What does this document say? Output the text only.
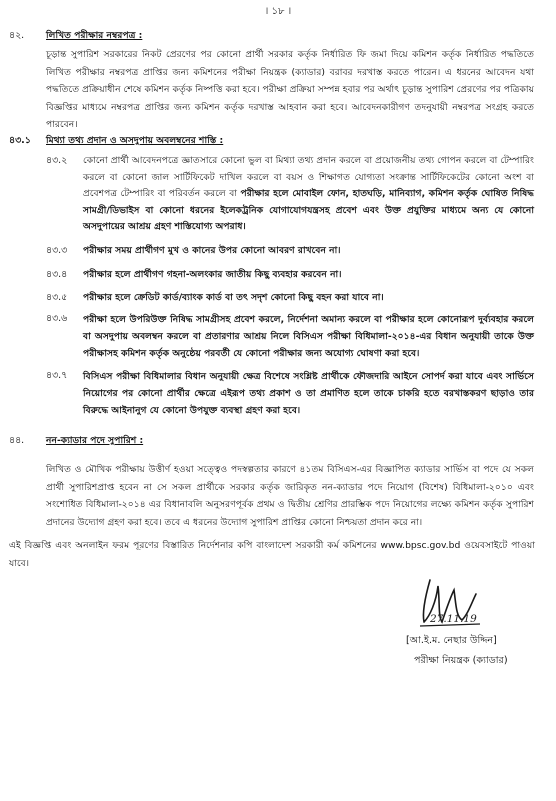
। ১৮ ।
৪২. লিখিত পরীক্ষার নম্বরপত্র :
চূড়ান্ত সুপারিশ সরকারের নিকট প্রেরণের পর কোনো প্রার্থী সরকার কর্তৃক নির্ধারিত ফি জমা দিয়ে কমিশন কর্তৃক নির্ধারিত পদ্ধতিতে লিখিত পরীক্ষার নম্বরপত্র প্রাপ্তির জন্য কমিশনের পরীক্ষা নিয়ন্ত্রক (ক্যাডার) বরাবর দরখাস্ত করতে পারেন। এ ধরনের আবেদন যথা পদ্ধতিতে প্রক্রিয়াধীন শেষে কমিশন কর্তৃক নিষ্পত্তি করা হবে। পরীক্ষা প্রক্রিয়া সম্পন্ন হবার পর অর্থাৎ চূড়ান্ত সুপারিশ প্রেরণের পর পত্রিকায় বিজ্ঞপ্তির মাধ্যমে নম্বরপত্র প্রাপ্তির জন্য কমিশন কর্তৃক দরখাস্ত আহবান করা হবে। আবেদনকারীগণ তদনুযায়ী নম্বরপত্র সংগ্রহ করতে পারবেন।
৪৩.১ মিথ্যা তথ্য প্রদান ও অসদুপায় অবলম্বনের শাস্তি :
৪৩.২ কোনো প্রার্থী আবেদনপত্রে জ্ঞাতসারে কোনো ভুল বা মিথ্যা তথ্য প্রদান করলে বা প্রয়োজনীয় তথ্য গোপন করলে বা টেম্পারিং করলে বা কোনো জাল সার্টিফিকেট দাখিল করলে বা বয়স ও শিক্ষাগত যোগ্যতা সংক্রান্ত সার্টিফিকেটের কোনো অংশ বা প্রবেশপত্র টেম্পারিং বা পরিবর্তন করলে বা পরীক্ষার হলে মোবাইল ফোন, হাতঘড়ি, মানিব্যাগ, কমিশন কর্তৃক ঘোষিত নিষিদ্ধ সামগ্রী/ডিভাইস বা কোনো ধরনের ইলেকট্রনিক যোগাযোগযন্ত্রসহ প্রবেশ এবং উক্ত প্রযুক্তির মাধ্যমে অন্য যে কোনো অসদুপায়ের আশ্রয় গ্রহণ শাস্তিযোগ্য অপরাধ।
৪৩.৩ পরীক্ষার সময় প্রার্থীগণ মুখ ও কানের উপর কোনো আবরণ রাখবেন না।
৪৩.৪ পরীক্ষার হলে প্রার্থীগণ গহনা-অলংকার জাতীয় কিছু ব্যবহার করবেন না।
৪৩.৫ পরীক্ষার হলে ক্রেডিট কার্ড/ব্যাংক কার্ড বা তৎ সদৃশ কোনো কিছু বহন করা যাবে না।
৪৩.৬ পরীক্ষা হলে উপরিউক্ত নিষিদ্ধ সামগ্রীসহ প্রবেশ করলে, নির্দেশনা অমান্য করলে বা পরীক্ষার হলে কোনোরূপ দুর্ব্যবহার করলে বা অসদুপায় অবলম্বন করলে বা প্রতারণার আশ্রয় নিলে বিসিএস পরীক্ষা বিধিমালা-২০১৪-এর বিধান অনুযায়ী তাকে উক্ত পরীক্ষাসহ কমিশন কর্তৃক অনুষ্ঠেয় পরবর্তী যে কোনো পরীক্ষার জন্য অযোগ্য ঘোষণা করা হবে।
৪৩.৭ বিসিএস পরীক্ষা বিধিমালার বিধান অনুযায়ী ক্ষেত্র বিশেষে সংশ্লিষ্ট প্রার্থীকে ফৌজদারি আইনে সোপর্দ করা যাবে এবং সার্ভিসে নিয়োগের পর কোনো প্রার্থীর ক্ষেত্রে এইরূপ তথ্য প্রকাশ ও তা প্রমাণিত হলে তাকে চাকরি হতে বরখাস্তকরণ ছাড়াও তার বিরুদ্ধে আইনানুগ যে কোনো উপযুক্ত ব্যবস্থা গ্রহণ করা হবে।
৪৪. নন-ক্যাডার পদে সুপারিশ :
লিখিত ও মৌখিক পরীক্ষায় উত্তীর্ণ হওয়া সত্ত্বেও পদস্বল্পতার কারণে ৪১তম বিসিএস-এর বিজ্ঞাপিত ক্যাডার সার্ভিস বা পদে যে সকল প্রার্থী সুপারিশপ্রাপ্ত হবেন না সে সকল প্রার্থীকে সরকার কর্তৃক জারিকৃত নন-ক্যাডার পদে নিয়োগ (বিশেষ) বিধিমালা-২০১০ এবং সংশোধিত বিধিমালা-২০১৪ এর বিধানাবলি অনুসরণপূর্বক প্রথম ও দ্বিতীয় শ্রেণির প্রারম্ভিক পদে নিয়োগের লক্ষ্যে কমিশন কর্তৃক সুপারিশ প্রদানের উদ্যোগ গ্রহণ করা হবে। তবে এ ধরনের উদ্যোগ সুপারিশ প্রাপ্তির কোনো নিশ্চয়তা প্রদান করে না।
এই বিজ্ঞপ্তি এবং অনলাইন ফরম পূরণের বিস্তারিত নির্দেশনার কপি বাংলাদেশ সরকারী কর্ম কমিশনের www.bpsc.gov.bd ওয়েবসাইটে পাওয়া যাবে।
27.11.19
[আ.ই.ম. নেছার উদ্দিন]
পরীক্ষা নিয়ন্ত্রক (ক্যাডার)
